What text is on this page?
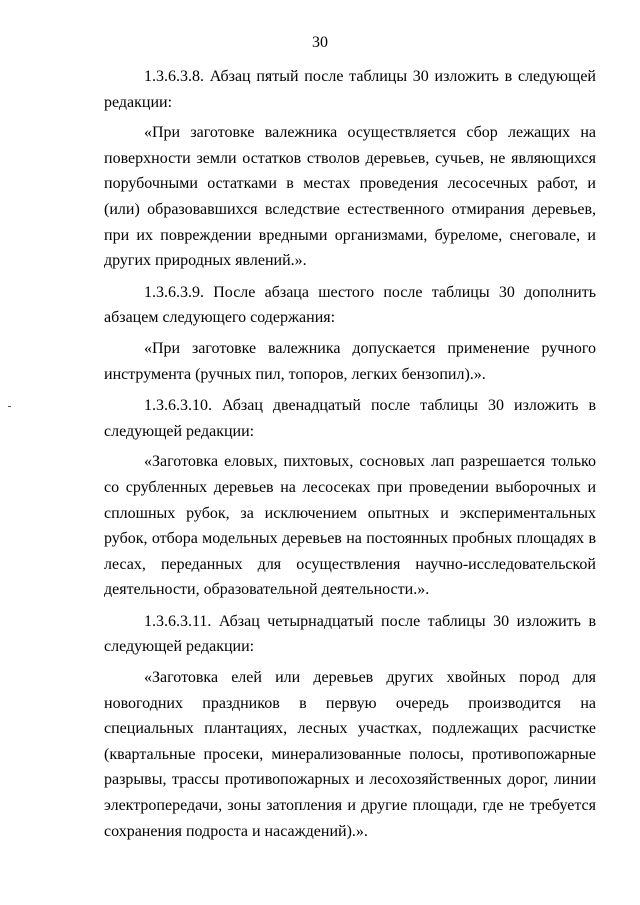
30

1.3.6.3.8. Абзац пятый после таблицы 30 изложить в следующей редакции:

«При заготовке валежника осуществляется сбор лежащих на поверхности земли остатков стволов деревьев, сучьев, не являющихся порубочными остатками в местах проведения лесосечных работ, и (или) образовавшихся вследствие естественного отмирания деревьев, при их повреждении вредными организмами, буреломе, снеговале, и других природных явлений.».

1.3.6.3.9. После абзаца шестого после таблицы 30 дополнить абзацем следующего содержания:

«При заготовке валежника допускается применение ручного инструмента (ручных пил, топоров, легких бензопил).».

1.3.6.3.10. Абзац двенадцатый после таблицы 30 изложить в следующей редакции:

«Заготовка еловых, пихтовых, сосновых лап разрешается только со срубленных деревьев на лесосеках при проведении выборочных и сплошных рубок, за исключением опытных и экспериментальных рубок, отбора модельных деревьев на постоянных пробных площадях в лесах, переданных для осуществления научно-исследовательской деятельности, образовательной деятельности.».

1.3.6.3.11. Абзац четырнадцатый после таблицы 30 изложить в следующей редакции:

«Заготовка елей или деревьев других хвойных пород для новогодних праздников в первую очередь производится на специальных плантациях, лесных участках, подлежащих расчистке (квартальные просеки, минерализованные полосы, противопожарные разрывы, трассы противопожарных и лесохозяйственных дорог, линии электропередачи, зоны затопления и другие площади, где не требуется сохранения подроста и насаждений).».
